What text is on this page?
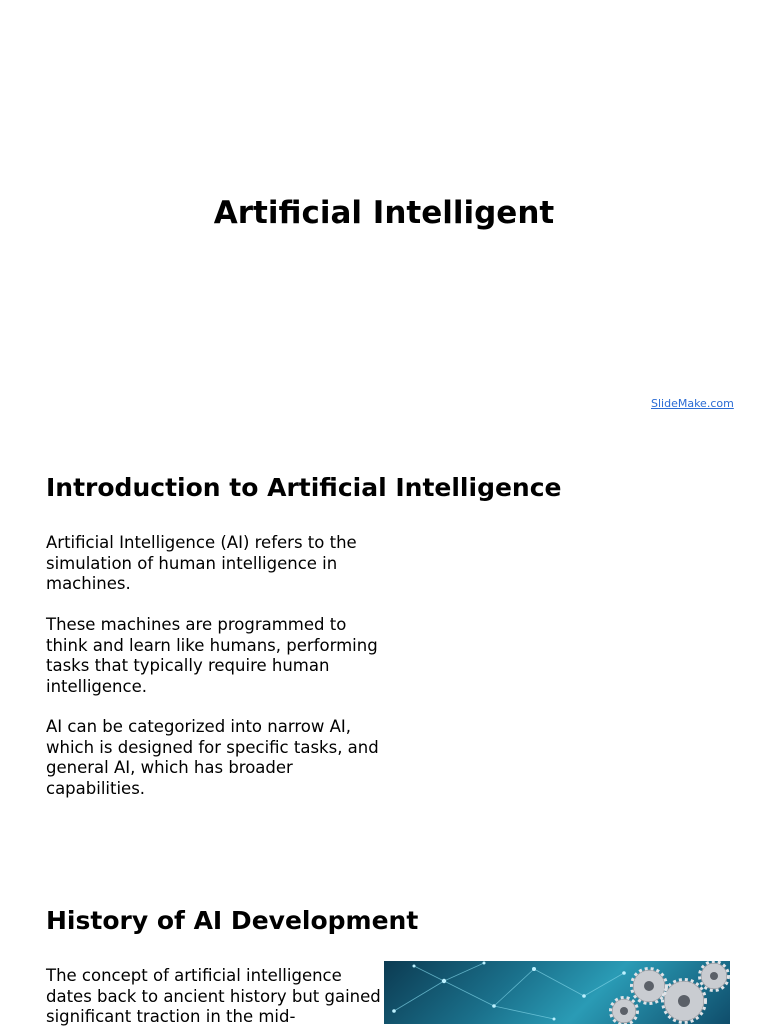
Artificial Intelligent
SlideMake.com
Introduction to Artificial Intelligence

Artificial Intelligence (AI) refers to the simulation of human intelligence in machines.

These machines are programmed to think and learn like humans, performing tasks that typically require human intelligence.

AI can be categorized into narrow AI, which is designed for specific tasks, and general AI, which has broader capabilities.

History of AI Development

The concept of artificial intelligence dates back to ancient history but gained significant traction in the mid-
